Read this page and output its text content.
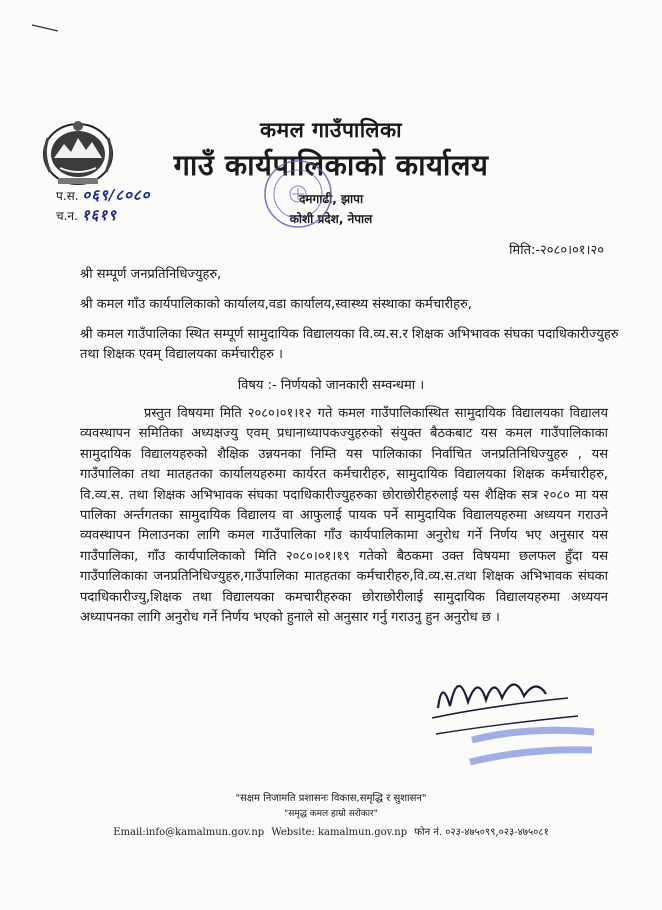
कमल गाउँपालिका
गाउँ कार्यपालिकाको कार्यालय
दमगाढी, झापा
कोशी प्रदेश, नेपाल
प.स. ०६९/८०८०
च.न. १६१९
मिति:-२०८०।०१।२०
श्री सम्पूर्ण जनप्रतिनिधिज्युहरु,
श्री कमल गाँउ कार्यपालिकाको कार्यालय,वडा कार्यालय,स्वास्थ्य संस्थाका कर्मचारीहरु,
श्री कमल गाउँपालिका स्थित सम्पूर्ण सामुदायिक विद्यालयका वि.व्य.स.र शिक्षक अभिभावक संघका पदाधिकारीज्युहरु तथा शिक्षक एवम् विद्यालयका कर्मचारीहरु ।
विषय :- निर्णयको जानकारी सम्वन्धमा ।
प्रस्तुत विषयमा मिति २०८०।०१।१२ गते कमल गाउँपालिकास्थित सामुदायिक विद्यालयका विद्यालय व्यवस्थापन समितिका अध्यक्षज्यु एवम् प्रधानाध्यापकज्युहरुको संयुक्त बैठकबाट यस कमल गाउँपालिकाका सामुदायिक विद्यालयहरुको शैक्षिक उन्नयनका निम्ति यस पालिकाका निर्वाचित जनप्रतिनिधिज्युहरु , यस गाउँपालिका तथा मातहतका कार्यालयहरुमा कार्यरत कर्मचारीहरु, सामुदायिक विद्यालयका शिक्षक कर्मचारीहरु, वि.व्य.स. तथा शिक्षक अभिभावक संघका पदाधिकारीज्युहरुका छोराछोरीहरुलाई यस शैक्षिक सत्र २०८० मा यस पालिका अर्न्तगतका सामुदायिक विद्यालय वा आफुलाई पायक पर्ने सामुदायिक विद्यालयहरुमा अध्ययन गराउने व्यवस्थापन मिलाउनका लागि कमल गाउँपालिका गाँउ कार्यपालिकामा अनुरोध गर्ने निर्णय भए अनुसार यस गाउँपालिका, गाँउ कार्यपालिकाको मिति २०८०।०१।१९ गतेको बैठकमा उक्त विषयमा छलफल हुँदा यस गाउँपालिकाका जनप्रतिनिधिज्युहरु,गाउँपालिका मातहतका कर्मचारीहरु,वि.व्य.स.तथा शिक्षक अभिभावक संघका पदाधिकारीज्यु,शिक्षक तथा विद्यालयका कमचारीहरुका छोराछोरीलाई सामुदायिक विद्यालयहरुमा अध्ययन अध्यापनका लागि अनुरोध गर्ने निर्णय भएको हुनाले सो अनुसार गर्नु गराउनु हुन अनुरोध छ ।
"सक्षम निजामति प्रशासनः विकास,समृद्धि र सुशासन"
"समृद्ध कमल हाम्रो सरोकार"
Email:info@kamalmun.gov.np Website: kamalmun.gov.np फोन नं. ०२३-४७५०९९,०२३-४७५०८१
